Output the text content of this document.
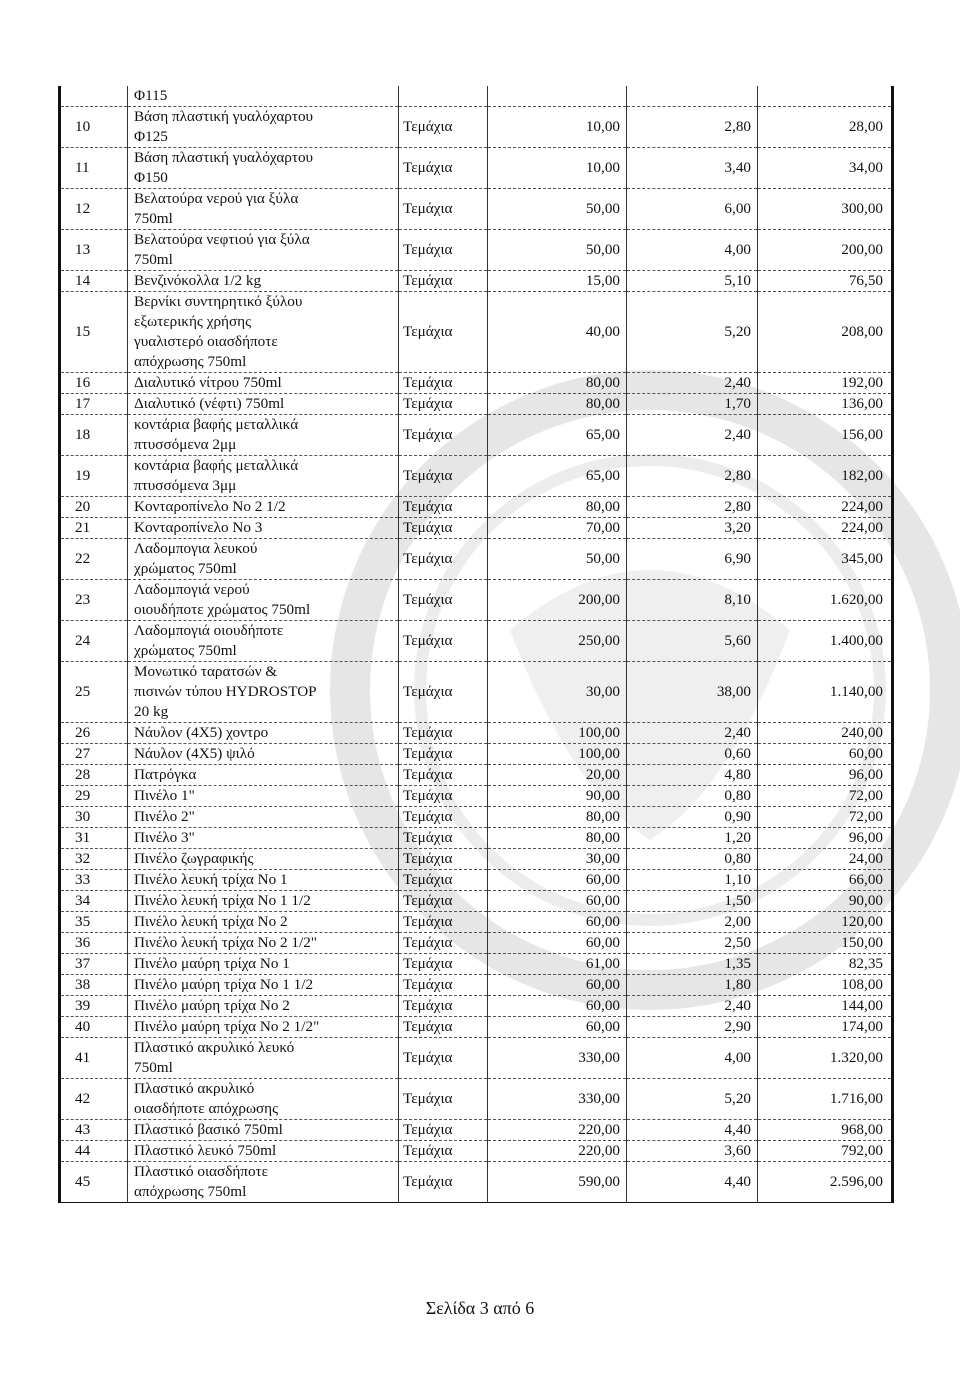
	Φ115				
10	Βάση πλαστική γυαλόχαρτου
Φ125	Τεμάχια	10,00	2,80	28,00
11	Βάση πλαστική γυαλόχαρτου
Φ150	Τεμάχια	10,00	3,40	34,00
12	Βελατούρα νερού για ξύλα
750ml	Τεμάχια	50,00	6,00	300,00
13	Βελατούρα νεφτιού για ξύλα
750ml	Τεμάχια	50,00	4,00	200,00
14	Βενζινόκολλα 1/2 kg	Τεμάχια	15,00	5,10	76,50
15	Βερνίκι συντηρητικό ξύλου
εξωτερικής χρήσης
γυαλιστερό οιασδήποτε
απόχρωσης 750ml	Τεμάχια	40,00	5,20	208,00
16	Διαλυτικό νίτρου 750ml	Τεμάχια	80,00	2,40	192,00
17	Διαλυτικό (νέφτι) 750ml	Τεμάχια	80,00	1,70	136,00
18	κοντάρια βαφής μεταλλικά
πτυσσόμενα 2μμ	Τεμάχια	65,00	2,40	156,00
19	κοντάρια βαφής μεταλλικά
πτυσσόμενα 3μμ	Τεμάχια	65,00	2,80	182,00
20	Κονταροπίνελο Νο 2 1/2	Τεμάχια	80,00	2,80	224,00
21	Κονταροπίνελο Νο 3	Τεμάχια	70,00	3,20	224,00
22	Λαδομπογια λευκού
χρώματος 750ml	Τεμάχια	50,00	6,90	345,00
23	Λαδομπογιά νερού
οιουδήποτε χρώματος 750ml	Τεμάχια	200,00	8,10	1.620,00
24	Λαδομπογιά οιουδήποτε
χρώματος 750ml	Τεμάχια	250,00	5,60	1.400,00
25	Μονωτικό ταρατσών &
πισινών τύπου HYDROSTOP
20 kg	Τεμάχια	30,00	38,00	1.140,00
26	Νάυλον (4Χ5) χοντρο	Τεμάχια	100,00	2,40	240,00
27	Νάυλον (4Χ5) ψιλό	Τεμάχια	100,00	0,60	60,00
28	Πατρόγκα	Τεμάχια	20,00	4,80	96,00
29	Πινέλο 1"	Τεμάχια	90,00	0,80	72,00
30	Πινέλο 2"	Τεμάχια	80,00	0,90	72,00
31	Πινέλο 3"	Τεμάχια	80,00	1,20	96,00
32	Πινέλο ζωγραφικής	Τεμάχια	30,00	0,80	24,00
33	Πινέλο λευκή τρίχα Νο 1	Τεμάχια	60,00	1,10	66,00
34	Πινέλο λευκή τρίχα Νο 1 1/2	Τεμάχια	60,00	1,50	90,00
35	Πινέλο λευκή τρίχα Νο 2	Τεμάχια	60,00	2,00	120,00
36	Πινέλο λευκή τρίχα Νο 2 1/2"	Τεμάχια	60,00	2,50	150,00
37	Πινέλο μαύρη τρίχα Νο 1	Τεμάχια	61,00	1,35	82,35
38	Πινέλο μαύρη τρίχα Νο 1 1/2	Τεμάχια	60,00	1,80	108,00
39	Πινέλο μαύρη τρίχα Νο 2	Τεμάχια	60,00	2,40	144,00
40	Πινέλο μαύρη τρίχα Νο 2 1/2"	Τεμάχια	60,00	2,90	174,00
41	Πλαστικό ακρυλικό λευκό
750ml	Τεμάχια	330,00	4,00	1.320,00
42	Πλαστικό ακρυλικό
οιασδήποτε απόχρωσης	Τεμάχια	330,00	5,20	1.716,00
43	Πλαστικό βασικό 750ml	Τεμάχια	220,00	4,40	968,00
44	Πλαστικό λευκό 750ml	Τεμάχια	220,00	3,60	792,00
45	Πλαστικό οιασδήποτε
απόχρωσης 750ml	Τεμάχια	590,00	4,40	2.596,00
Σελίδα 3 από 6
